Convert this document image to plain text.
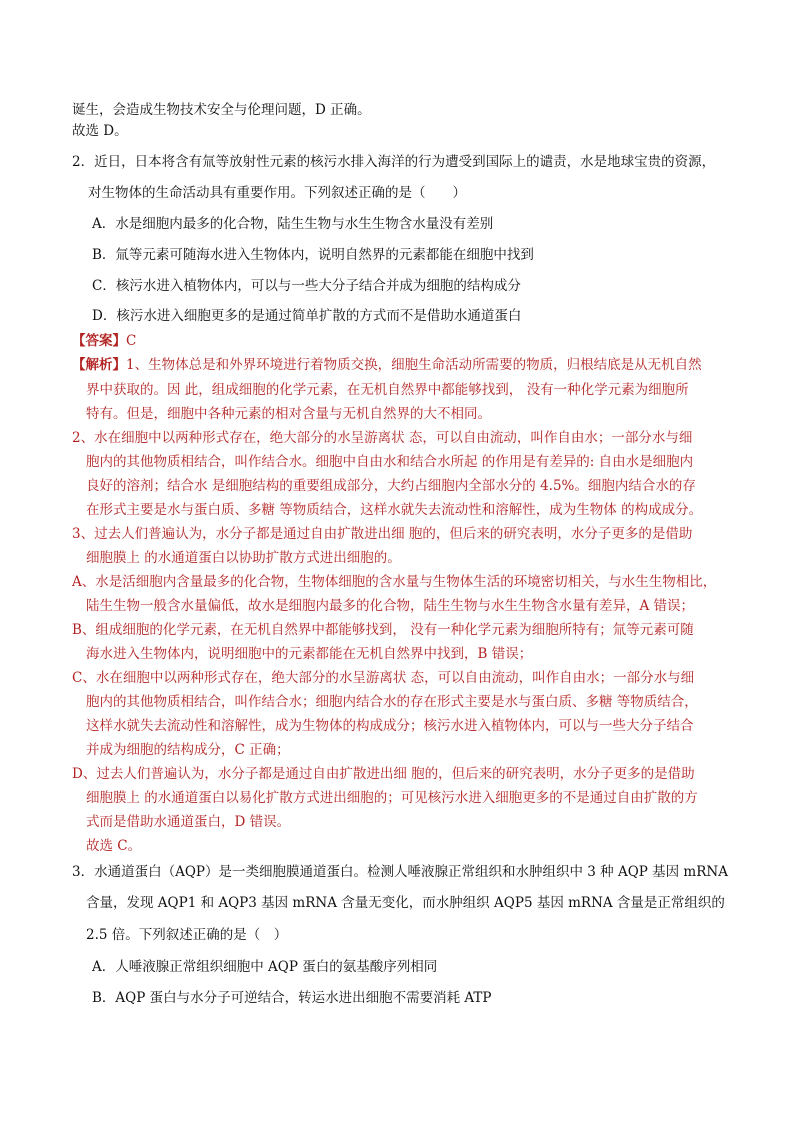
诞生，会造成生物技术安全与伦理问题，D 正确。
故选 D。
2．近日，日本将含有氚等放射性元素的核污水排入海洋的行为遭受到国际上的谴责，水是地球宝贵的资源，
对生物体的生命活动具有重要作用。下列叙述正确的是（　　）
A．水是细胞内最多的化合物，陆生生物与水生生物含水量没有差别
B．氚等元素可随海水进入生物体内，说明自然界的元素都能在细胞中找到
C．核污水进入植物体内，可以与一些大分子结合并成为细胞的结构成分
D．核污水进入细胞更多的是通过简单扩散的方式而不是借助水通道蛋白
【答案】C
【解析】1、生物体总是和外界环境进行着物质交换，细胞生命活动所需要的物质，归根结底是从无机自然
界中获取的。因 此，组成细胞的化学元素，在无机自然界中都能够找到， 没有一种化学元素为细胞所
特有。但是，细胞中各种元素的相对含量与无机自然界的大不相同。
2、水在细胞中以两种形式存在，绝大部分的水呈游离状 态，可以自由流动，叫作自由水；一部分水与细
胞内的其他物质相结合，叫作结合水。细胞中自由水和结合水所起 的作用是有差异的: 自由水是细胞内
良好的溶剂；结合水 是细胞结构的重要组成部分，大约占细胞内全部水分的 4.5%。细胞内结合水的存
在形式主要是水与蛋白质、多糖 等物质结合，这样水就失去流动性和溶解性，成为生物体 的构成成分。
3、过去人们普遍认为，水分子都是通过自由扩散进出细 胞的，但后来的研究表明，水分子更多的是借助
细胞膜上 的水通道蛋白以协助扩散方式进出细胞的。
A、水是活细胞内含量最多的化合物，生物体细胞的含水量与生物体生活的环境密切相关，与水生生物相比，
陆生生物一般含水量偏低，故水是细胞内最多的化合物，陆生生物与水生生物含水量有差异，A 错误；
B、组成细胞的化学元素，在无机自然界中都能够找到， 没有一种化学元素为细胞所特有；氚等元素可随
海水进入生物体内，说明细胞中的元素都能在无机自然界中找到，B 错误；
C、水在细胞中以两种形式存在，绝大部分的水呈游离状 态，可以自由流动，叫作自由水；一部分水与细
胞内的其他物质相结合，叫作结合水；细胞内结合水的存在形式主要是水与蛋白质、多糖 等物质结合，
这样水就失去流动性和溶解性，成为生物体的构成成分；核污水进入植物体内，可以与一些大分子结合
并成为细胞的结构成分，C 正确；
D、过去人们普遍认为，水分子都是通过自由扩散进出细 胞的，但后来的研究表明，水分子更多的是借助
细胞膜上 的水通道蛋白以易化扩散方式进出细胞的；可见核污水进入细胞更多的不是通过自由扩散的方
式而是借助水通道蛋白，D 错误。
故选 C。
3．水通道蛋白（AQP）是一类细胞膜通道蛋白。检测人唾液腺正常组织和水肿组织中 3 种 AQP 基因 mRNA
含量，发现 AQP1 和 AQP3 基因 mRNA 含量无变化，而水肿组织 AQP5 基因 mRNA 含量是正常组织的
2.5 倍。下列叙述正确的是（　）
A．人唾液腺正常组织细胞中 AQP 蛋白的氨基酸序列相同
B．AQP 蛋白与水分子可逆结合，转运水进出细胞不需要消耗 ATP
